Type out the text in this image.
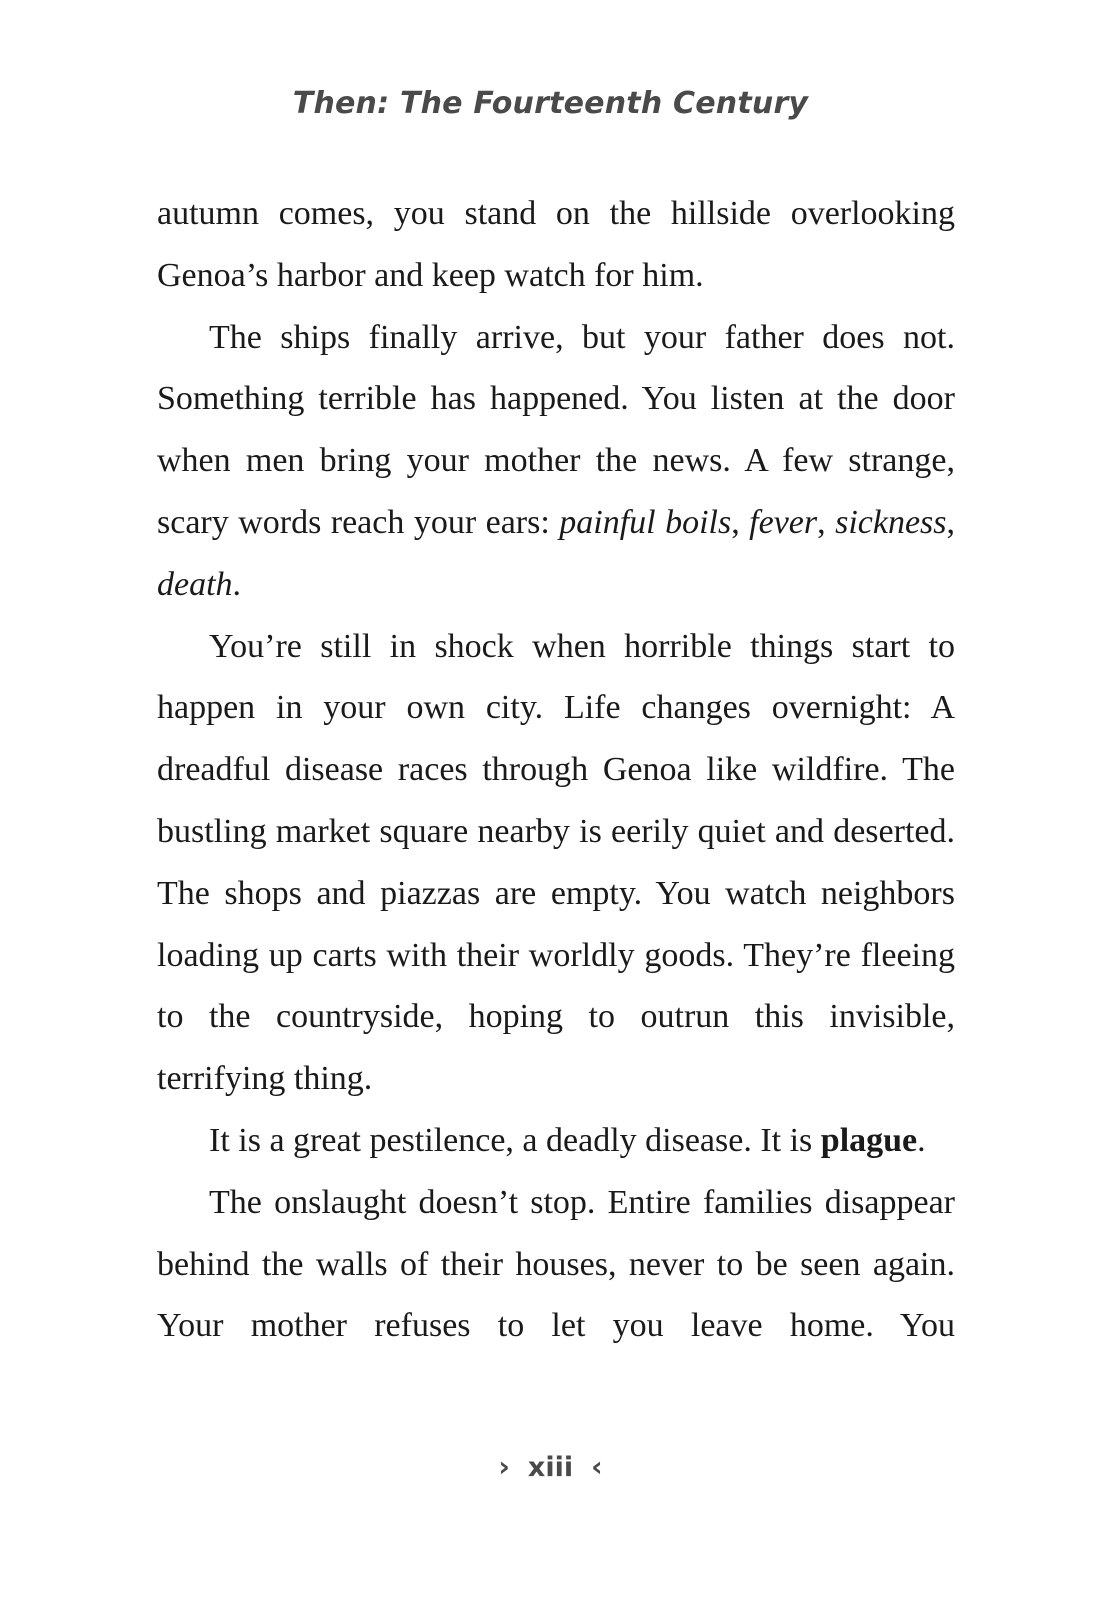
Then: The Fourteenth Century

autumn comes, you stand on the hillside overlooking Genoa’s harbor and keep watch for him.

The ships finally arrive, but your father does not. Something terrible has happened. You listen at the door when men bring your mother the news. A few strange, scary words reach your ears: painful boils, fever, sickness, death.

You’re still in shock when horrible things start to happen in your own city. Life changes overnight: A dreadful disease races through Genoa like wildfire. The bustling market square nearby is eerily quiet and deserted. The shops and piazzas are empty. You watch neighbors loading up carts with their worldly goods. They’re fleeing to the countryside, hoping to outrun this invisible, terrifying thing.

It is a great pestilence, a deadly disease. It is plague.

The onslaught doesn’t stop. Entire families disappear behind the walls of their houses, never to be seen again. Your mother refuses to let you leave home. You

› xiii ‹
